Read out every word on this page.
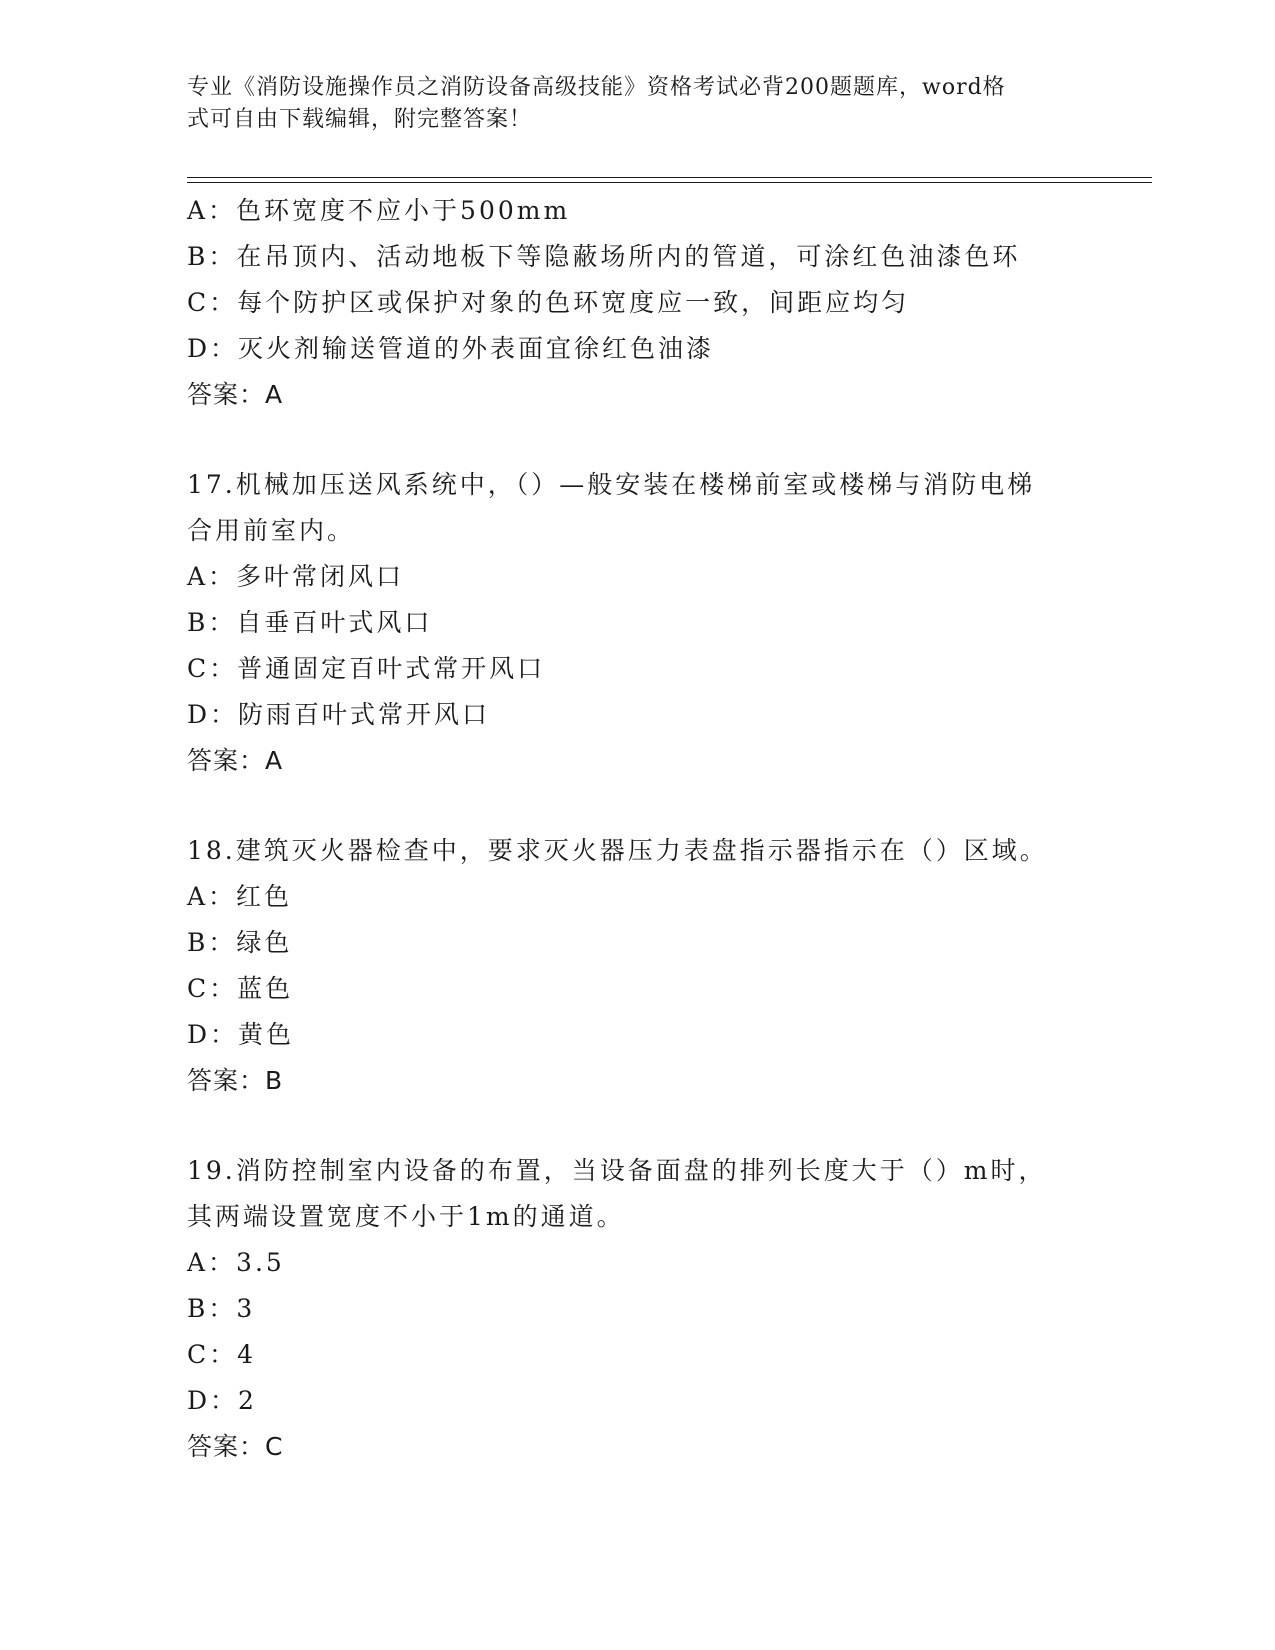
专业《消防设施操作员之消防设备高级技能》资格考试必背200题题库，word格
式可自由下载编辑，附完整答案！
A：色环宽度不应小于500mm
B：在吊顶内、活动地板下等隐蔽场所内的管道，可涂红色油漆色环
C：每个防护区或保护对象的色环宽度应一致，间距应均匀
D：灭火剂输送管道的外表面宜徐红色油漆
答案：A
17.机械加压送风系统中，（）—般安装在楼梯前室或楼梯与消防电梯
合用前室内。
A：多叶常闭风口
B：自垂百叶式风口
C：普通固定百叶式常开风口
D：防雨百叶式常开风口
答案：A
18.建筑灭火器检查中，要求灭火器压力表盘指示器指示在（）区域。
A：红色
B：绿色
C：蓝色
D：黄色
答案：B
19.消防控制室内设备的布置，当设备面盘的排列长度大于（）m时，
其两端设置宽度不小于1m的通道。
A：3.5
B：3
C：4
D：2
答案：C
